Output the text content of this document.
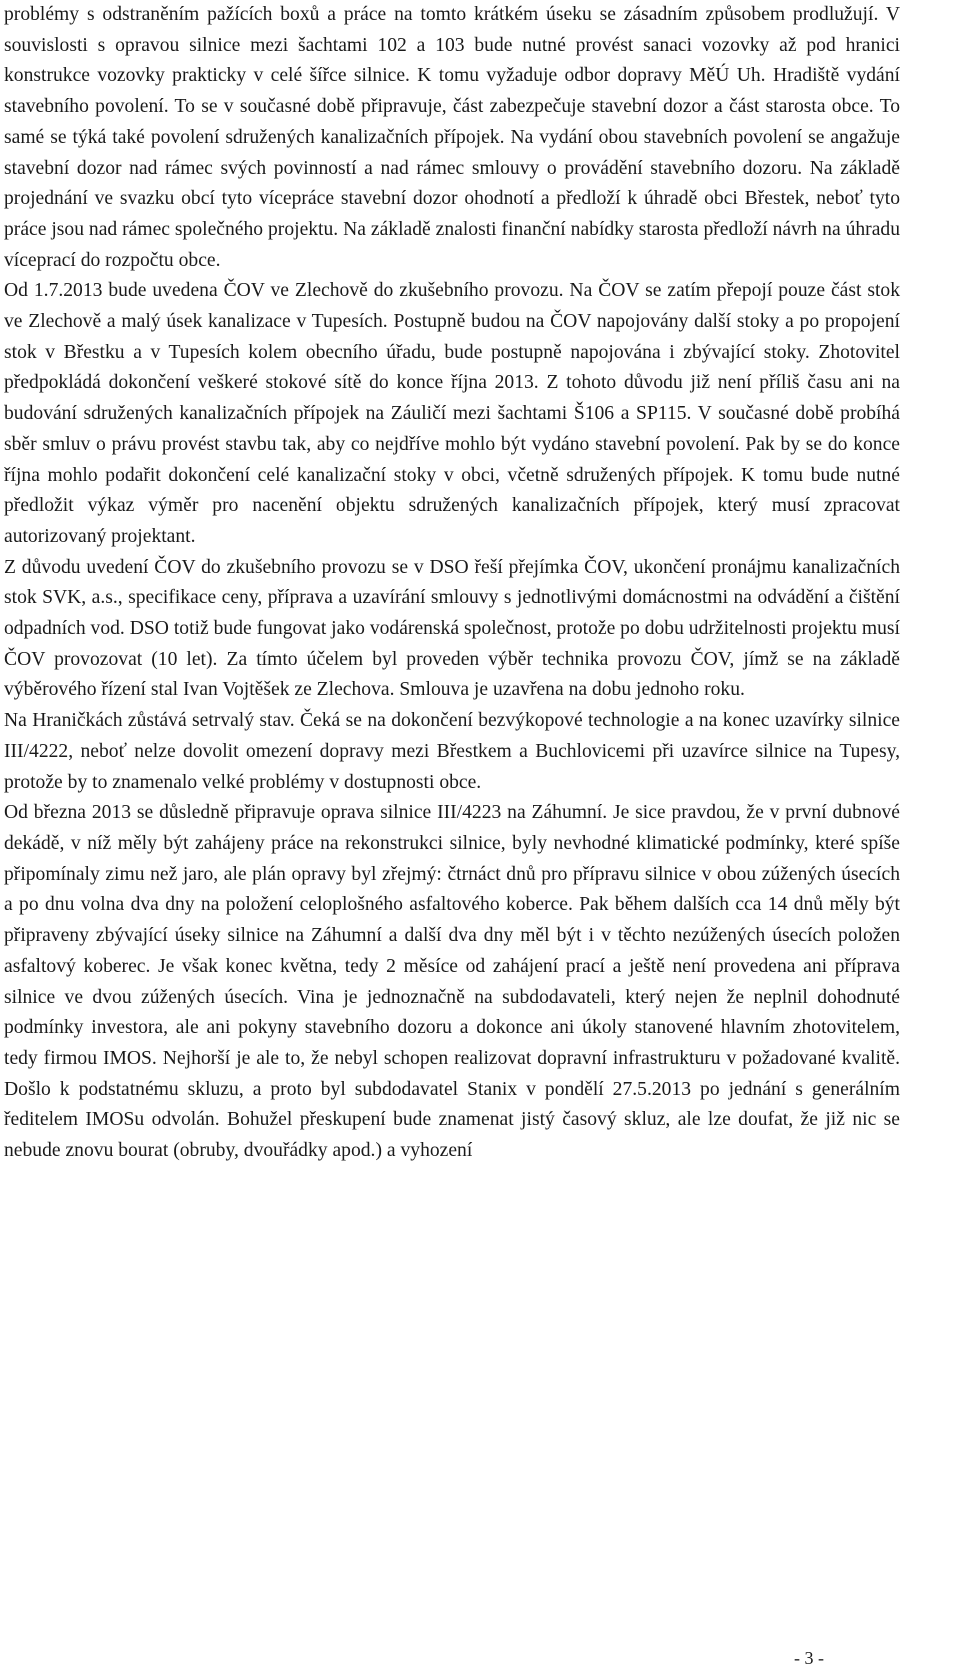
problémy s odstraněním pažících boxů a práce na tomto krátkém úseku se zásadním způsobem prodlužují. V souvislosti s opravou silnice mezi šachtami 102 a 103 bude nutné provést sanaci vozovky až pod hranici konstrukce vozovky prakticky v celé šířce silnice. K tomu vyžaduje odbor dopravy MěÚ Uh. Hradiště vydání stavebního povolení. To se v současné době připravuje, část zabezpečuje stavební dozor a část starosta obce. To samé se týká také povolení sdružených kanalizačních přípojek. Na vydání obou stavebních povolení se angažuje stavební dozor nad rámec svých povinností a nad rámec smlouvy o provádění stavebního dozoru. Na základě projednání ve svazku obcí tyto vícepráce stavební dozor ohodnotí a předloží k úhradě obci Břestek, neboť tyto práce jsou nad rámec společného projektu. Na základě znalosti finanční nabídky starosta předloží návrh na úhradu víceprací do rozpočtu obce.

Od 1.7.2013 bude uvedena ČOV ve Zlechově do zkušebního provozu. Na ČOV se zatím přepojí pouze část stok ve Zlechově a malý úsek kanalizace v Tupesích. Postupně budou na ČOV napojovány další stoky a po propojení stok v Břestku a v Tupesích kolem obecního úřadu, bude postupně napojována i zbývající stoky. Zhotovitel předpokládá dokončení veškeré stokové sítě do konce října 2013. Z tohoto důvodu již není příliš času ani na budování sdružených kanalizačních přípojek na Záuličí mezi šachtami Š106 a SP115. V současné době probíhá sběr smluv o právu provést stavbu tak, aby co nejdříve mohlo být vydáno stavební povolení. Pak by se do konce října mohlo podařit dokončení celé kanalizační stoky v obci, včetně sdružených přípojek. K tomu bude nutné předložit výkaz výměr pro nacenění objektu sdružených kanalizačních přípojek, který musí zpracovat autorizovaný projektant.

Z důvodu uvedení ČOV do zkušebního provozu se v DSO řeší přejímka ČOV, ukončení pronájmu kanalizačních stok SVK, a.s., specifikace ceny, příprava a uzavírání smlouvy s jednotlivými domácnostmi na odvádění a čištění odpadních vod. DSO totiž bude fungovat jako vodárenská společnost, protože po dobu udržitelnosti projektu musí ČOV provozovat (10 let). Za tímto účelem byl proveden výběr technika provozu ČOV, jímž se na základě výběrového řízení stal Ivan Vojtěšek ze Zlechova. Smlouva je uzavřena na dobu jednoho roku.

Na Hraničkách zůstává setrvalý stav. Čeká se na dokončení bezvýkopové technologie a na konec uzavírky silnice III/4222, neboť nelze dovolit omezení dopravy mezi Břestkem a Buchlovicemi při uzavírce silnice na Tupesy, protože by to znamenalo velké problémy v dostupnosti obce.

Od března 2013 se důsledně připravuje oprava silnice III/4223 na Záhumní. Je sice pravdou, že v první dubnové dekádě, v níž měly být zahájeny práce na rekonstrukci silnice, byly nevhodné klimatické podmínky, které spíše připomínaly zimu než jaro, ale plán opravy byl zřejmý: čtrnáct dnů pro přípravu silnice v obou zúžených úsecích a po dnu volna dva dny na položení celoplošného asfaltového koberce. Pak během dalších cca 14 dnů měly být připraveny zbývající úseky silnice na Záhumní a další dva dny měl být i v těchto nezúžených úsecích položen asfaltový koberec. Je však konec května, tedy 2 měsíce od zahájení prací a ještě není provedena ani příprava silnice ve dvou zúžených úsecích. Vina je jednoznačně na subdodavateli, který nejen že neplnil dohodnuté podmínky investora, ale ani pokyny stavebního dozoru a dokonce ani úkoly stanovené hlavním zhotovitelem, tedy firmou IMOS. Nejhorší je ale to, že nebyl schopen realizovat dopravní infrastrukturu v požadované kvalitě. Došlo k podstatnému skluzu, a proto byl subdodavatel Stanix v pondělí 27.5.2013 po jednání s generálním ředitelem IMOSu odvolán. Bohužel přeskupení bude znamenat jistý časový skluz, ale lze doufat, že již nic se nebude znovu bourat (obruby, dvouřádky apod.) a vyhození

- 3 -
